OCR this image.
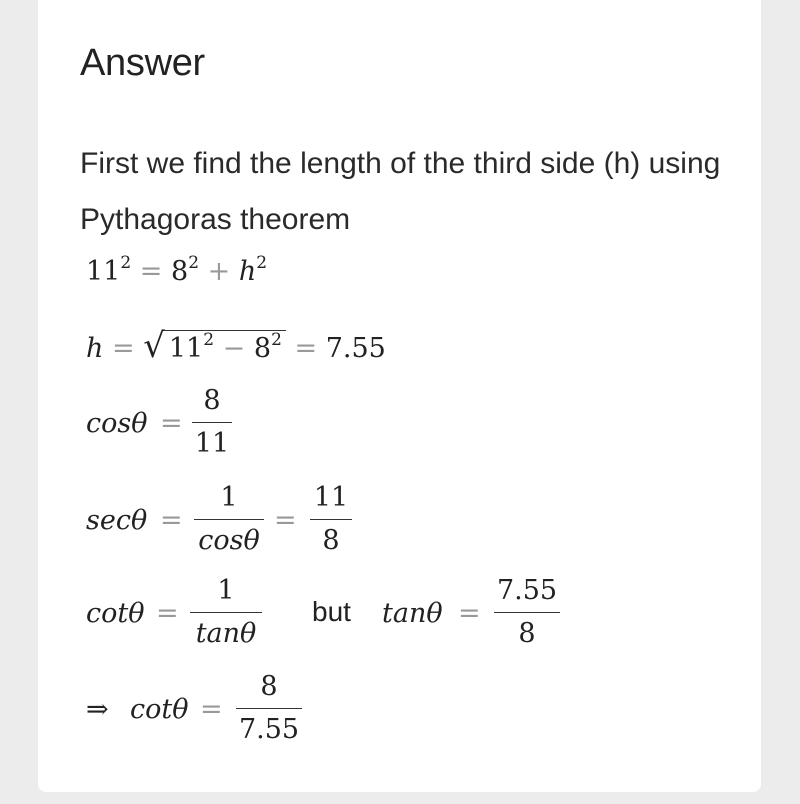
Answer
First we find the length of the third side (h) using Pythagoras theorem
$11^2 = 8^2 + h^2$
h = √ $11^2 - 8^2 = 7.55$
cosθ =
8
11
secθ =
1
cosθ
=
11
8
cotθ =
1
tanθ
but tanθ =
7.55
8
⇒ cotθ =
8
7.55
